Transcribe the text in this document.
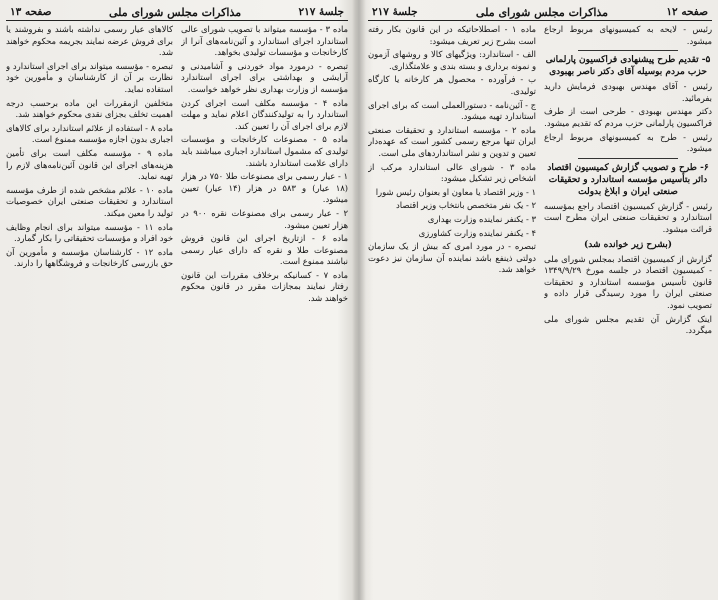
جلسهٔ ۲۱۷
مذاکرات مجلس شورای ملی
صفحه ۱۳

ماده ۳ - مؤسسه میتواند با تصویب شورای عالی استاندارد اجرای استاندارد و آئین‌نامه‌های آنرا از کارخانجات و مؤسسات تولیدی بخواهد.

تبصره - درمورد مواد خوردنی و آشامیدنی و آرایشی و بهداشتی برای اجرای استاندارد مؤسسه از وزارت بهداری نظر خواهد خواست.

ماده ۴ - مؤسسه مکلف است اجرای کردن استاندارد را به تولیدکنندگان اعلام نماید و مهلت لازم برای اجرای آن را تعیین کند.

ماده ۵ - مصنوعات کارخانجات و مؤسسات تولیدی که مشمول استاندارد اجباری میباشند باید دارای علامت استاندارد باشند.

۱ - عیار رسمی برای مصنوعات طلا ۷۵۰ در هزار (۱۸ عیار) و ۵۸۳ در هزار (۱۴ عیار) تعیین میشود.

۲ - عیار رسمی برای مصنوعات نقره ۹۰۰ در هزار تعیین میشود.

ماده ۶ - ازتاریخ اجرای این قانون فروش مصنوعات طلا و نقره که دارای عیار رسمی نباشند ممنوع است.

ماده ۷ - کسانیکه برخلاف مقررات این قانون رفتار نمایند بمجازات مقرر در قانون محکوم خواهند شد.

کالاهای عیار رسمی نداشته باشند و بفروشند یا برای فروش عرضه نمایند بجریمه محکوم خواهند شد.

تبصره - مؤسسه میتواند برای اجرای استاندارد و نظارت بر آن از کارشناسان و مأمورین خود استفاده نماید.

متخلفین ازمقررات این ماده برحسب درجه اهمیت تخلف بجزای نقدی محکوم خواهند شد.

ماده ۸ - استفاده از علائم استاندارد برای کالاهای اجباری بدون اجازه مؤسسه ممنوع است.

ماده ۹ - مؤسسه مکلف است برای تأمین هزینه‌های اجرای این قانون آئین‌نامه‌های لازم را تهیه نماید.

ماده ۱۰ - علائم مشخص شده از طرف مؤسسه استاندارد و تحقیقات صنعتی ایران خصوصیات تولید را معین میکند.

ماده ۱۱ - مؤسسه میتواند برای انجام وظایف خود افراد و مؤسسات تحقیقاتی را بکار گمارد.

ماده ۱۲ - کارشناسان مؤسسه و مأمورین آن حق بازرسی کارخانجات و فروشگاهها را دارند.

صفحه ۱۲
مذاکرات مجلس شورای ملی
جلسهٔ ۲۱۷

رئیس - لایحه به کمیسیونهای مربوط ارجاع میشود.

۵- تقدیم طرح پیشنهادی فراکسیون پارلمانی حزب مردم بوسیله آقای دکتر ناصر بهبودی

رئیس - آقای مهندس بهبودی فرمایش دارید بفرمائید.

دکتر مهندس بهبودی - طرحی است از طرف فراکسیون پارلمانی حزب مردم که تقدیم میشود.

رئیس - طرح به کمیسیونهای مربوط ارجاع میشود.

۶- طرح و تصویب گزارش کمیسیون اقتصاد دائر بتأسیس مؤسسه استاندارد و تحقیقات صنعتی ایران و ابلاغ بدولت

رئیس - گزارش کمیسیون اقتصاد راجع بمؤسسه استاندارد و تحقیقات صنعتی ایران مطرح است قرائت میشود.

(بشرح زیر خوانده شد)

گزارش از کمیسیون اقتصاد بمجلس شورای ملی - کمیسیون اقتصاد در جلسه مورخ ۱۳۴۹/۹/۲۹ قانون تأسیس مؤسسه استاندارد و تحقیقات صنعتی ایران را مورد رسیدگی قرار داده و تصویب نمود.

اینک گزارش آن تقدیم مجلس شورای ملی میگردد.

ماده ۱ - اصطلاحاتیکه در این قانون بکار رفته است بشرح زیر تعریف میشود:

الف - استاندارد: ویژگیهای کالا و روشهای آزمون و نمونه برداری و بسته بندی و علامتگذاری.

ب - فرآورده - محصول هر کارخانه یا کارگاه تولیدی.

ج - آئین‌نامه - دستورالعملی است که برای اجرای استاندارد تهیه میشود.

ماده ۲ - مؤسسه استاندارد و تحقیقات صنعتی ایران تنها مرجع رسمی کشور است که عهده‌دار تعیین و تدوین و نشر استانداردهای ملی است.

ماده ۳ - شورای عالی استاندارد مرکب از اشخاص زیر تشکیل میشود:

۱ - وزیر اقتصاد یا معاون او بعنوان رئیس شورا

۲ - یک نفر متخصص بانتخاب وزیر اقتصاد

۳ - یکنفر نماینده وزارت بهداری

۴ - یکنفر نماینده وزارت کشاورزی

تبصره - در مورد امری که بیش از یک سازمان دولتی ذینفع باشد نماینده آن سازمان نیز دعوت خواهد شد.
